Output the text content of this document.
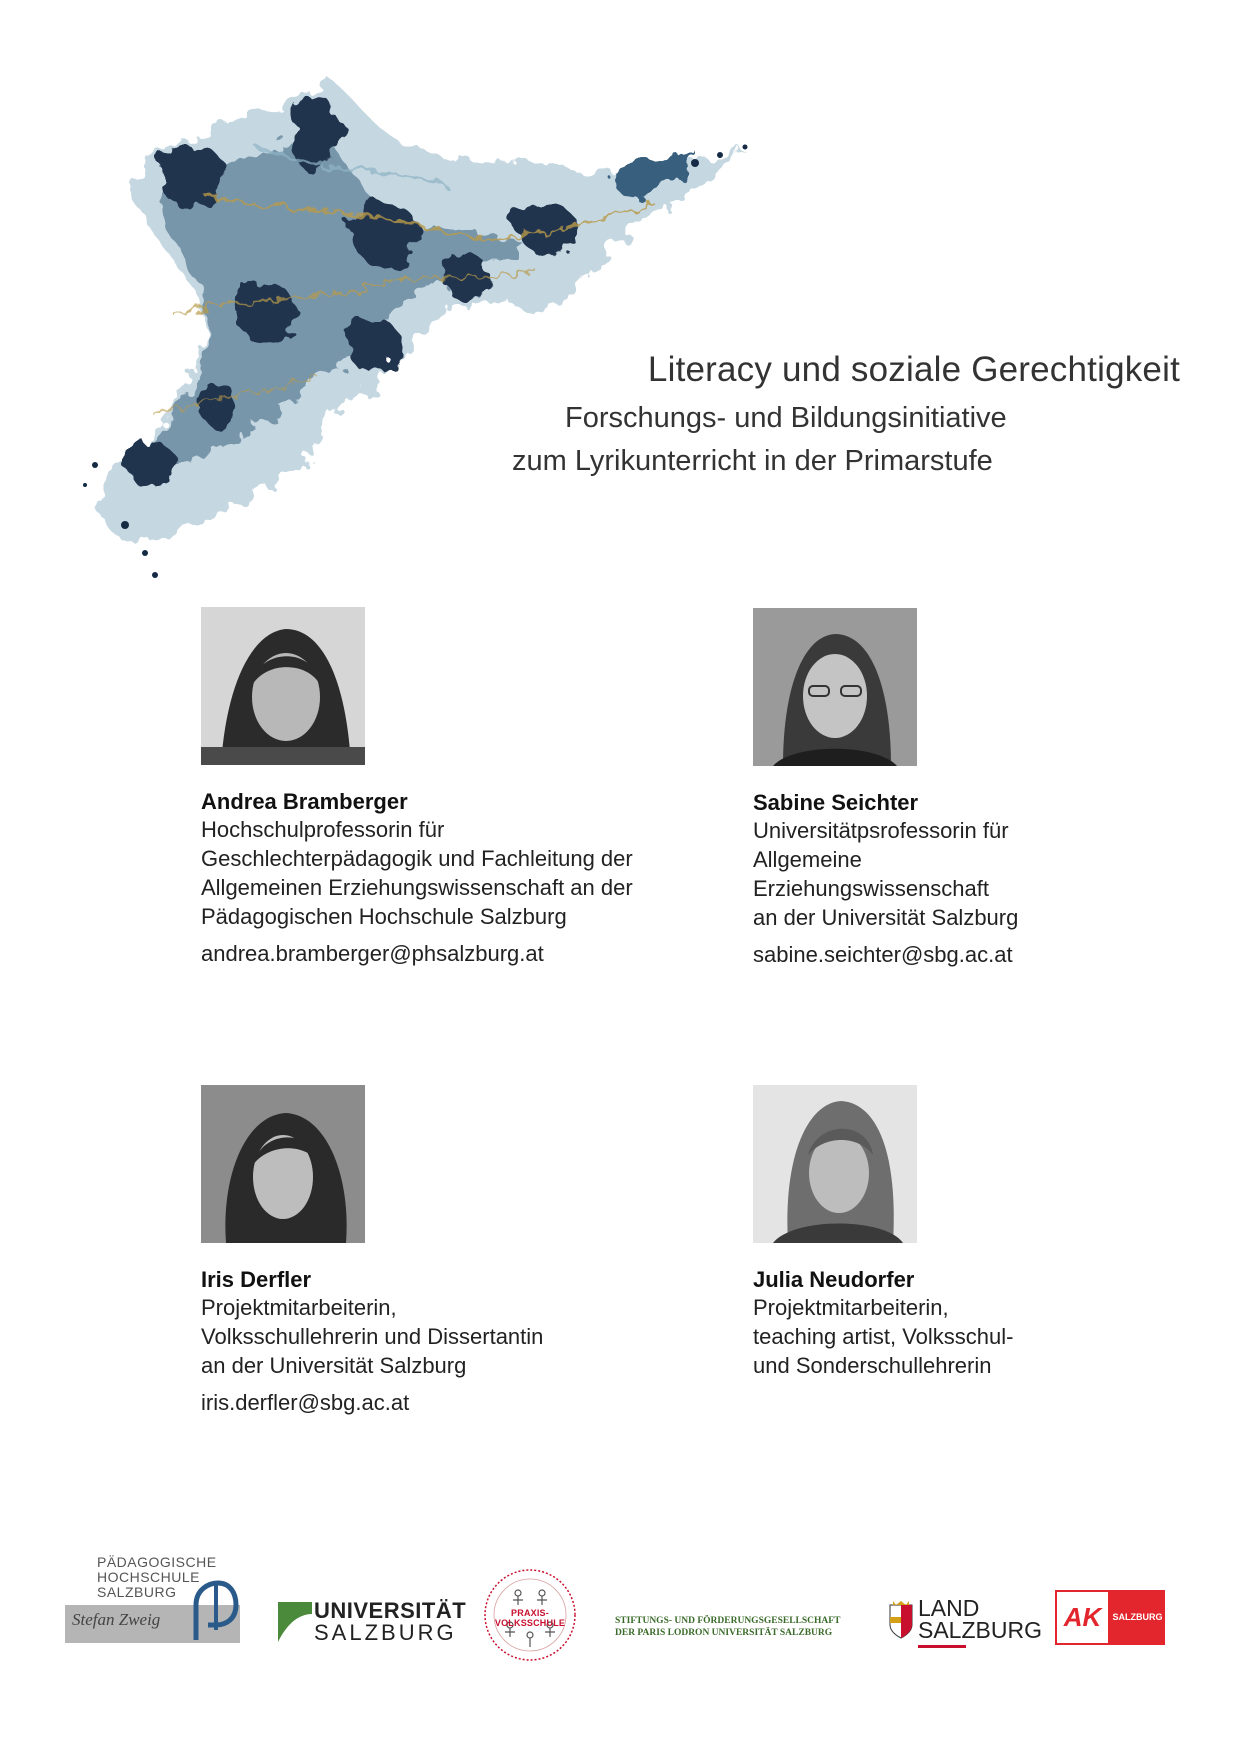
Literacy und soziale Gerechtigkeit
Forschungs- und Bildungsinitiative
zum Lyrikunterricht in der Primarstufe
Andrea Bramberger
Hochschulprofessorin für
Geschlechterpädagogik und Fachleitung der
Allgemeinen Erziehungswissenschaft an der
Pädagogischen Hochschule Salzburg
andrea.bramberger@phsalzburg.at
Sabine Seichter
Universitätpsrofessorin für
Allgemeine
Erziehungswissenschaft
an der Universität Salzburg
sabine.seichter@sbg.ac.at
Iris Derfler
Projektmitarbeiterin,
Volksschullehrerin und Dissertantin
an der Universität Salzburg
iris.derfler@sbg.ac.at
Julia Neudorfer
Projektmitarbeiterin,
teaching artist, Volksschul-
und Sonderschullehrerin
PÄDAGOGISCHE
HOCHSCHULE
SALZBURG
Stefan Zweig	UNIVERSITÄT
SALZBURG
PRAXIS-VOLKSSCHULE	STIFTUNGS- UND FÖRDERUNGSGESELLSCHAFT
DER PARIS LODRON UNIVERSITÄT SALZBURG
LAND
SALZBURG AK	SALZBURG
